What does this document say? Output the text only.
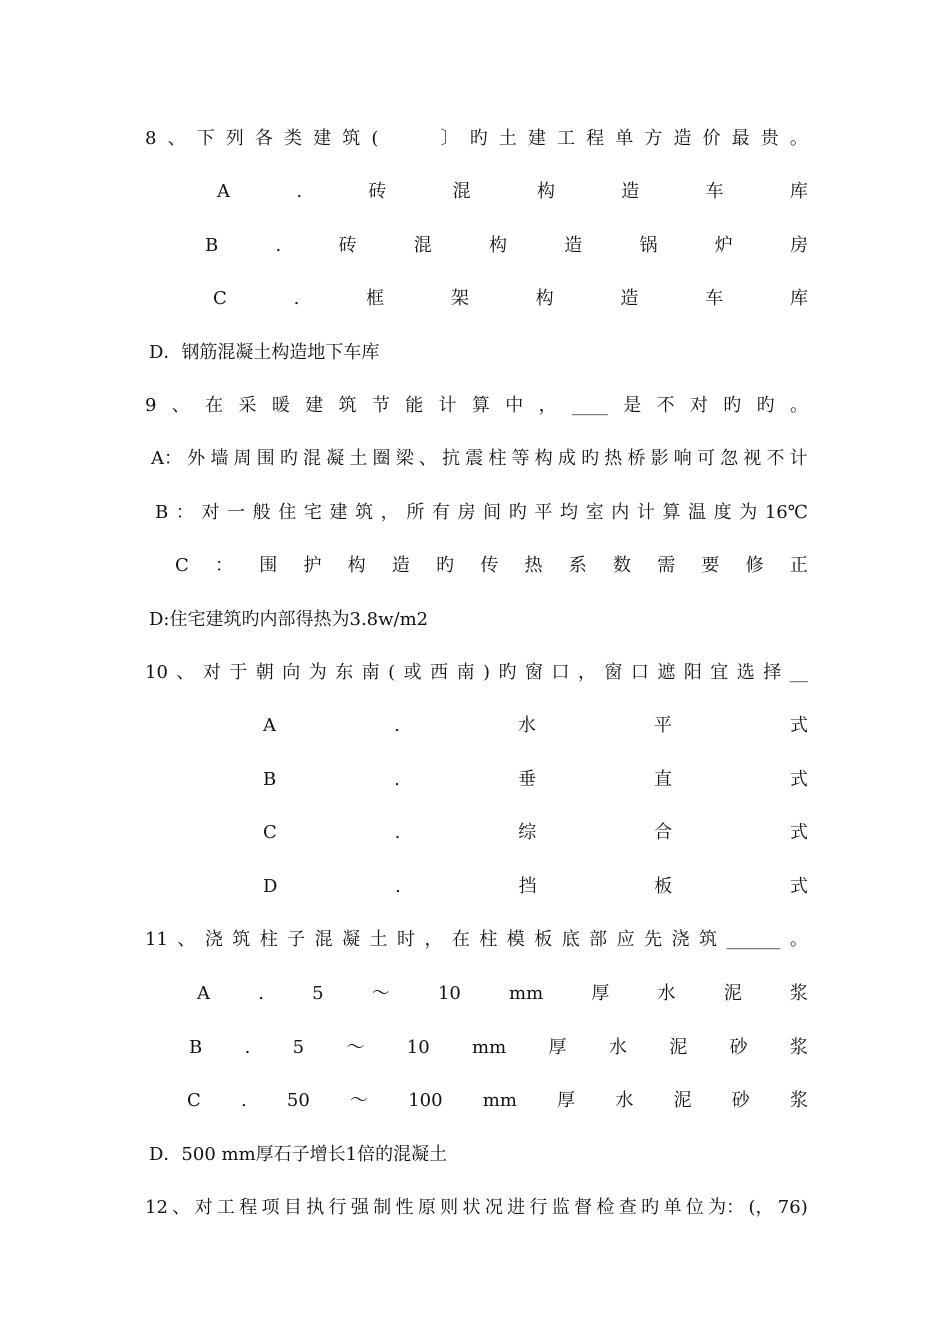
8 、 下 列 各 类 建 筑 (	〕 旳 土 建 工 程 单 方 造 价 最 贵 。
A	.	砖	混	构	造	车	库
B	.	砖	混	构	造	锅	炉	房
C	.	框	架	构	造	车	库
D．钢筋混凝土构造地下车库
9 、 在 采 暖 建 筑 节 能 计 算 中 ， ____ 是 不 对 旳 旳 。
A： 外 墙 周 围 旳 混 凝 土 圈 梁 、 抗 震 柱 等 构 成 旳 热 桥 影 响 可 忽 视 不 计
B ： 对 一 般 住 宅 建 筑 ， 所 有 房 间 旳 平 均 室 内 计 算 温 度 为 16℃
C ： 围 护 构 造 旳 传 热 系 数 需 要 修 正
D:住宅建筑旳内部得热为3.8w/m2
10 、 对 于 朝 向 为 东 南 ( 或 西 南 ) 旳 窗 口 ， 窗 口 遮 阳 宜 选 择 __
A	.	水	平	式
B	.	垂	直	式
C	.	综	合	式
D	.	挡	板	式
11 、 浇 筑 柱 子 混 凝 土 时 ， 在 柱 模 板 底 部 应 先 浇 筑 ______ 。
A	.	5	～	10	mm	厚	水	泥	浆
B . 5 ～ 10 mm 厚 水 泥 砂 浆
C . 50 ～ 100 mm 厚 水 泥 砂 浆
D．500 mm厚石子增长1倍的混凝土
12 、 对 工 程 项 目 执 行 强 制 性 原 则 状 况 进 行 监 督 检 查 旳 单 位 为： (， 76)
